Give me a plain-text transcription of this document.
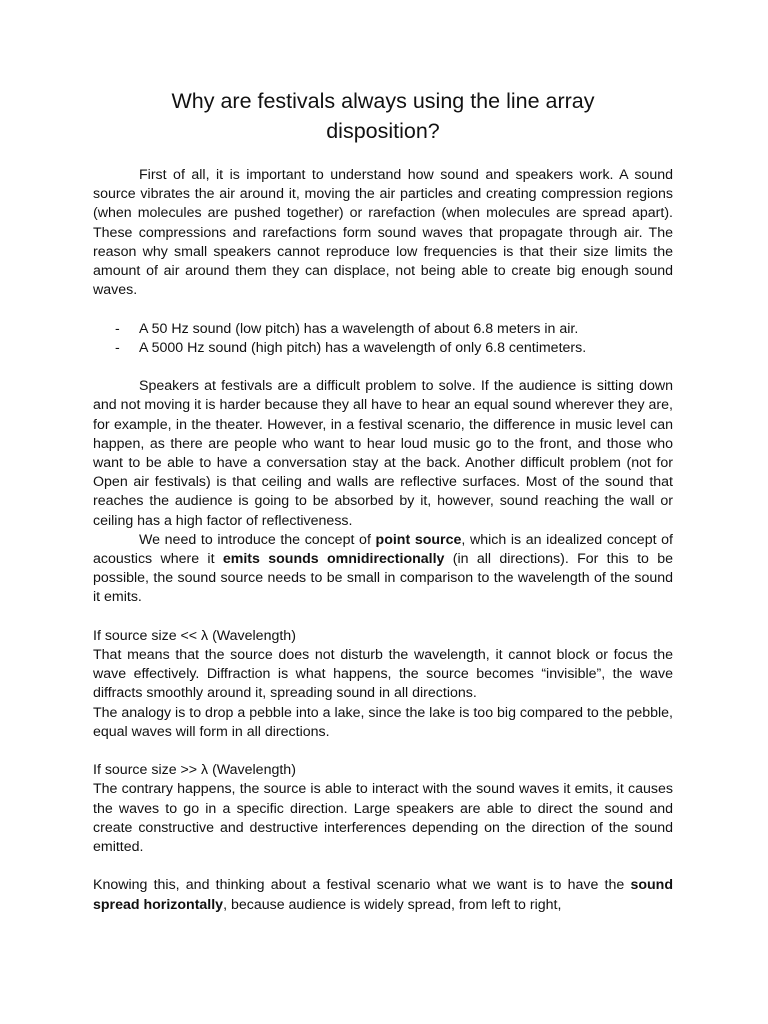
Why are festivals always using the line array disposition?

First of all, it is important to understand how sound and speakers work. A sound source vibrates the air around it, moving the air particles and creating compression regions (when molecules are pushed together) or rarefaction (when molecules are spread apart). These compressions and rarefactions form sound waves that propagate through air. The reason why small speakers cannot reproduce low frequencies is that their size limits the amount of air around them they can displace, not being able to create big enough sound waves.

- A 50 Hz sound (low pitch) has a wavelength of about 6.8 meters in air.
- A 5000 Hz sound (high pitch) has a wavelength of only 6.8 centimeters.

Speakers at festivals are a difficult problem to solve. If the audience is sitting down and not moving it is harder because they all have to hear an equal sound wherever they are, for example, in the theater. However, in a festival scenario, the difference in music level can happen, as there are people who want to hear loud music go to the front, and those who want to be able to have a conversation stay at the back. Another difficult problem (not for Open air festivals) is that ceiling and walls are reflective surfaces. Most of the sound that reaches the audience is going to be absorbed by it, however, sound reaching the wall or ceiling has a high factor of reflectiveness.

We need to introduce the concept of point source, which is an idealized concept of acoustics where it emits sounds omnidirectionally (in all directions). For this to be possible, the sound source needs to be small in comparison to the wavelength of the sound it emits.

If source size << λ (Wavelength)

That means that the source does not disturb the wavelength, it cannot block or focus the wave effectively. Diffraction is what happens, the source becomes “invisible”, the wave diffracts smoothly around it, spreading sound in all directions.

The analogy is to drop a pebble into a lake, since the lake is too big compared to the pebble, equal waves will form in all directions.

If source size >> λ (Wavelength)

The contrary happens, the source is able to interact with the sound waves it emits, it causes the waves to go in a specific direction. Large speakers are able to direct the sound and create constructive and destructive interferences depending on the direction of the sound emitted.

Knowing this, and thinking about a festival scenario what we want is to have the sound spread horizontally, because audience is widely spread, from left to right,
